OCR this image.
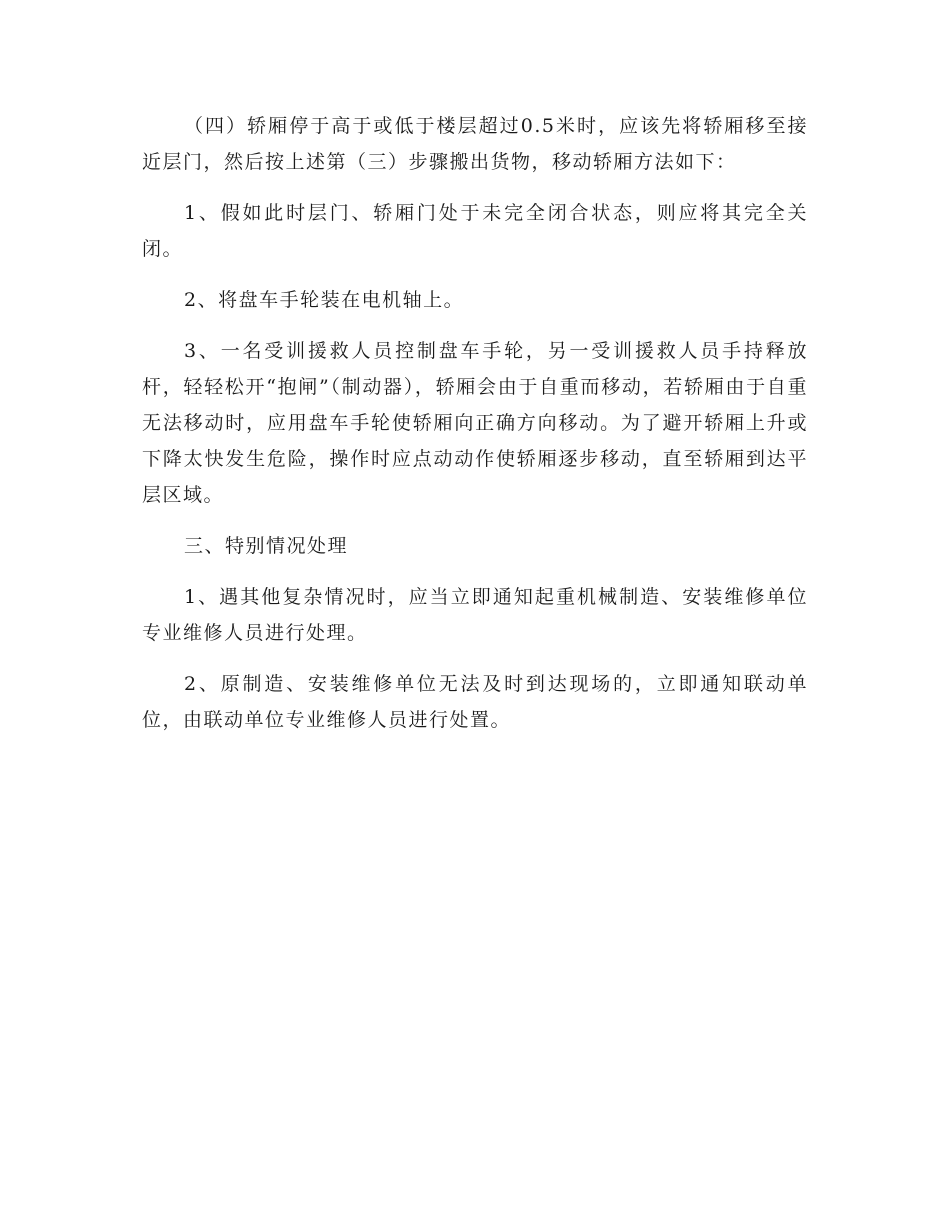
（四）轿厢停于高于或低于楼层超过0.5米时，应该先将轿厢移至接近层门，然后按上述第（三）步骤搬出货物，移动轿厢方法如下：

1、假如此时层门、轿厢门处于未完全闭合状态，则应将其完全关闭。

2、将盘车手轮装在电机轴上。

3、一名受训援救人员控制盘车手轮，另一受训援救人员手持释放杆，轻轻松开“抱闸”（制动器），轿厢会由于自重而移动，若轿厢由于自重无法移动时，应用盘车手轮使轿厢向正确方向移动。为了避开轿厢上升或下降太快发生危险，操作时应点动动作使轿厢逐步移动，直至轿厢到达平层区域。

三、特别情况处理

1、遇其他复杂情况时，应当立即通知起重机械制造、安装维修单位专业维修人员进行处理。

2、原制造、安装维修单位无法及时到达现场的，立即通知联动单位，由联动单位专业维修人员进行处置。
